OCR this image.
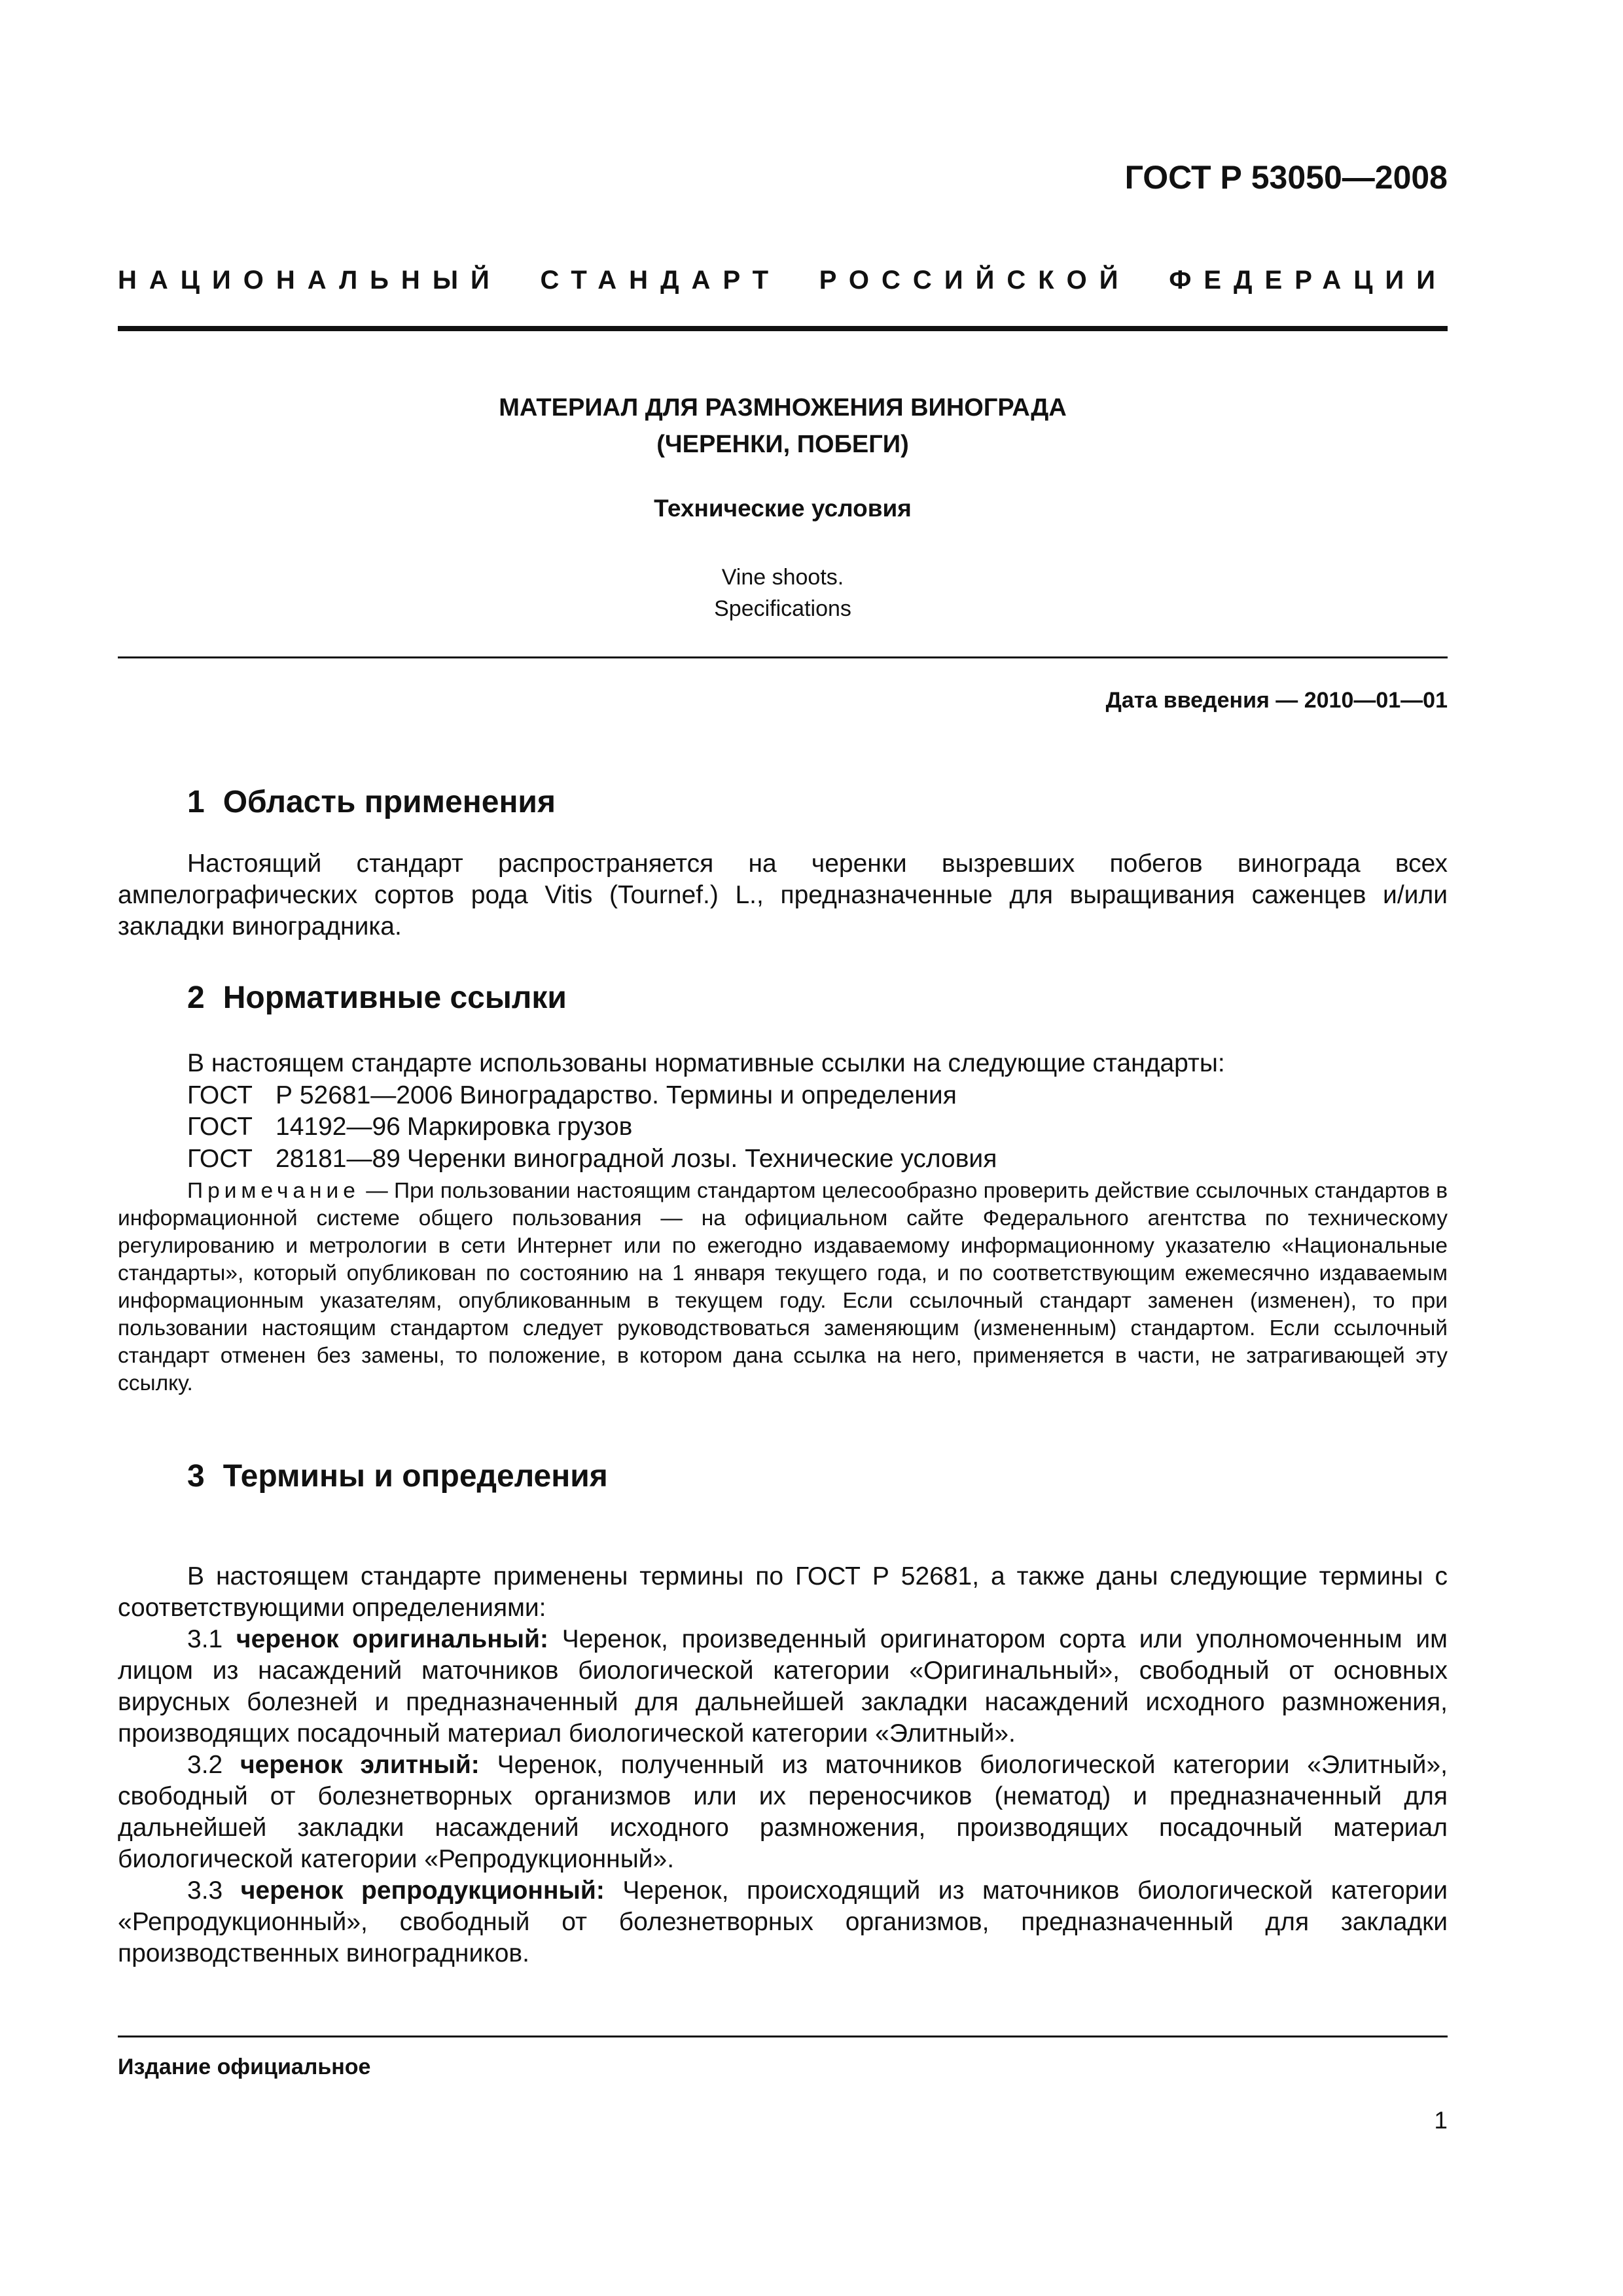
ГОСТ Р 53050—2008
НАЦИОНАЛЬНЫЙ СТАНДАРТ РОССИЙСКОЙ ФЕДЕРАЦИИ
МАТЕРИАЛ ДЛЯ РАЗМНОЖЕНИЯ ВИНОГРАДА
(ЧЕРЕНКИ, ПОБЕГИ)
Технические условия
Vine shoots.
Specifications
Дата введения — 2010—01—01
1 Область применения

Настоящий стандарт распространяется на черенки вызревших побегов винограда всех ампелографических сортов рода Vitis (Tournef.) L., предназначенные для выращивания саженцев и/или закладки виноградника.

2 Нормативные ссылки
В настоящем стандарте использованы нормативные ссылки на следующие стандарты:
ГОСТ Р 52681—2006 Виноградарство. Термины и определения
ГОСТ 14192—96 Маркировка грузов
ГОСТ 28181—89 Черенки виноградной лозы. Технические условия

Примечание — При пользовании настоящим стандартом целесообразно проверить действие ссылочных стандартов в информационной системе общего пользования — на официальном сайте Федерального агентства по техническому регулированию и метрологии в сети Интернет или по ежегодно издаваемому информационному указателю «Национальные стандарты», который опубликован по состоянию на 1 января текущего года, и по соответствующим ежемесячно издаваемым информационным указателям, опубликованным в текущем году. Если ссылочный стандарт заменен (изменен), то при пользовании настоящим стандартом следует руководствоваться заменяющим (измененным) стандартом. Если ссылочный стандарт отменен без замены, то положение, в котором дана ссылка на него, применяется в части, не затрагивающей эту ссылку.

3 Термины и определения

В настоящем стандарте применены термины по ГОСТ Р 52681, а также даны следующие термины с соответствующими определениями:

3.1 черенок оригинальный: Черенок, произведенный оригинатором сорта или уполномоченным им лицом из насаждений маточников биологической категории «Оригинальный», свободный от основных вирусных болезней и предназначенный для дальнейшей закладки насаждений исходного размножения, производящих посадочный материал биологической категории «Элитный».

3.2 черенок элитный: Черенок, полученный из маточников биологической категории «Элитный», свободный от болезнетворных организмов или их переносчиков (нематод) и предназначенный для дальнейшей закладки насаждений исходного размножения, производящих посадочный материал биологической категории «Репродукционный».

3.3 черенок репродукционный: Черенок, происходящий из маточников биологической категории «Репродукционный», свободный от болезнетворных организмов, предназначенный для закладки производственных виноградников.

Издание официальное
1
